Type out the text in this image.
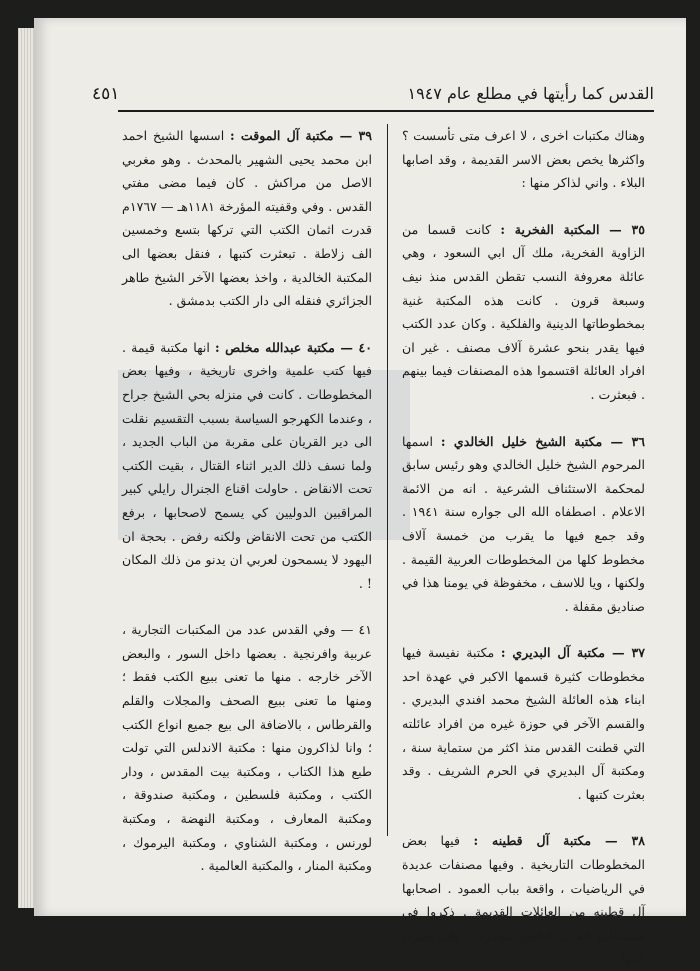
القدس كما رأيتها في مطلع عام ١٩٤٧
٤٥١

وهناك مكتبات اخرى ، لا اعرف متى تأسست ؟ واكثرها يخص بعض الاسر القديمة ، وقد اصابها البلاء . واني لذاكر منها :

٣٥ — المكتبة الفخرية : كانت قسما من الزاوية الفخرية، ملك آل ابي السعود ، وهي عائلة معروفة النسب تقطن القدس منذ نيف وسبعة قرون . كانت هذه المكتبة غنية بمخطوطاتها الدينية والفلكية . وكان عدد الكتب فيها يقدر بنحو عشرة آلاف مصنف . غير ان افراد العائلة اقتسموا هذه المصنفات فيما بينهم . فبعثرت .

٣٦ — مكتبة الشيخ خليل الخالدي : اسمها المرحوم الشيخ خليل الخالدي وهو رئيس سابق لمحكمة الاستئناف الشرعية . انه من الائمة الاعلام . اصطفاه الله الى جواره سنة ١٩٤١ . وقد جمع فيها ما يقرب من خمسة آلاف مخطوط كلها من المخطوطات العربية القيمة . ولكنها ، ويا للاسف ، مخفوظة في يومنا هذا في صناديق مقفلة .

٣٧ — مكتبة آل البديري : مكتبة نفيسة فيها مخطوطات كثيرة قسمها الاكبر في عهدة احد ابناء هذه العائلة الشيخ محمد افندي البديري . والقسم الآخر في حوزة غيره من افراد عائلته التي قطنت القدس منذ اكثر من ستماية سنة ، ومكتبة آل البديري في الحرم الشريف . وقد بعثرت كتبها .

٣٨ — مكتبة آل قطينه : فيها بعض المخطوطات التاريخية . وفيها مصنفات عديدة في الرياضيات ، واقعة بباب العمود . اصحابها آل قطينه من العائلات القديمة . ذكروا في مستندات القرن التاسع للهجرة . وقد بعثرت كتبها .

٣٩ — مكتبة آل الموقت : اسسها الشيخ احمد ابن محمد يحيى الشهير بالمحدث . وهو مغربي الاصل من مراكش . كان فيما مضى مفتي القدس . وفي وقفيته المؤرخة ١١٨١هـ — ١٧٦٧م قدرت اثمان الكتب التي تركها بتسع وخمسين الف زلاطة . تبعثرت كتبها ، فنقل بعضها الى المكتبة الخالدية ، واخذ بعضها الآخر الشيخ طاهر الجزائري فنقله الى دار الكتب بدمشق .

٤٠ — مكتبة عبدالله مخلص : انها مكتبة قيمة . فيها كتب علمية واخرى تاريخية ، وفيها بعض المخطوطات . كانت في منزله بحي الشيخ جراح ، وعندما الكهرجو السياسة بسبب التقسيم نقلت الى دير القريان على مقربة من الباب الجديد ، ولما نسف ذلك الدير اثناء القتال ، بقيت الكتب تحت الانقاض . حاولت اقناع الجنرال رايلي كبير المراقبين الدوليين كي يسمح لاصحابها ، برفع الكتب من تحت الانقاض ولكنه رفض . بحجة ان اليهود لا يسمحون لعربي ان يدنو من ذلك المكان ! .

٤١ — وفي القدس عدد من المكتبات التجارية ، عربية وافرنجية . بعضها داخل السور ، والبعض الآخر خارجه . منها ما تعنى ببيع الكتب فقط ؛ ومنها ما تعنى ببيع الصحف والمجلات والقلم والقرطاس ، بالاضافة الى بيع جميع انواع الكتب ؛ وانا لذاكرون منها : مكتبة الاندلس التي تولت طبع هذا الكتاب ، ومكتبة بيت المقدس ، ودار الكتب ، ومكتبة فلسطين ، ومكتبة صندوقة ، ومكتبة المعارف ، ومكتبة النهضة ، ومكتبة لورنس ، ومكتبة الشناوي ، ومكتبة اليرموك ، ومكتبة المنار ، والمكتبة العالمية .
